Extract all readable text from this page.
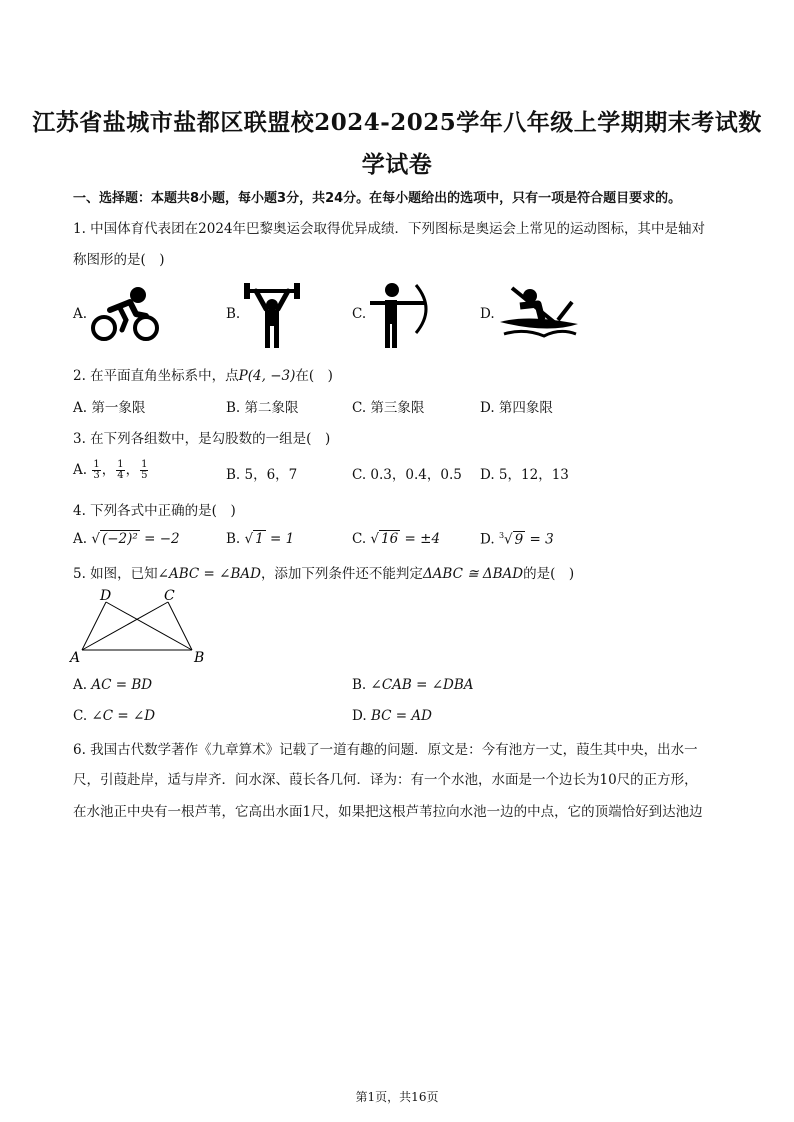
江苏省盐城市盐都区联盟校2024-2025学年八年级上学期期末考试数
学试卷
一、选择题：本题共8小题，每小题3分，共24分。在每小题给出的选项中，只有一项是符合题目要求的。
1. 中国体育代表团在2024年巴黎奥运会取得优异成绩．下列图标是奥运会上常见的运动图标，其中是轴对
称图形的是(　)
A.	B.	C.	D.
2. 在平面直角坐标系中，点P(4, −3)在(　)
A. 第一象限	B. 第二象限	C. 第三象限	D. 第四象限
3. 在下列各组数中，是勾股数的一组是(　)
A. $\frac{1}{3}$ ， $\frac{1}{4}$ ， $\frac{1}{5}$	B. 5，6，7	C. 0.3，0.4，0.5 D. 5，12，13
4. 下列各式中正确的是(　)
A. √ (−2)² = −2	B. √ 1 = 1	C. √ 16 = ±4	D. $^3$√ 9 = 3
5. 如图，已知∠ABC = ∠BAD，添加下列条件还不能判定ΔABC ≅ ΔBAD的是(　)
A	B
C
D
A. AC = BD	B. ∠CAB = ∠DBA
C. ∠C = ∠D	D. BC = AD
6. 我国古代数学著作《九章算术》记载了一道有趣的问题．原文是：今有池方一丈，葭生其中央，出水一
尺，引葭赴岸，适与岸齐．问水深、葭长各几何．译为：有一个水池，水面是一个边长为10尺的正方形，
在水池正中央有一根芦苇，它高出水面1尺，如果把这根芦苇拉向水池一边的中点，它的顶端恰好到达池边
第1页，共16页
